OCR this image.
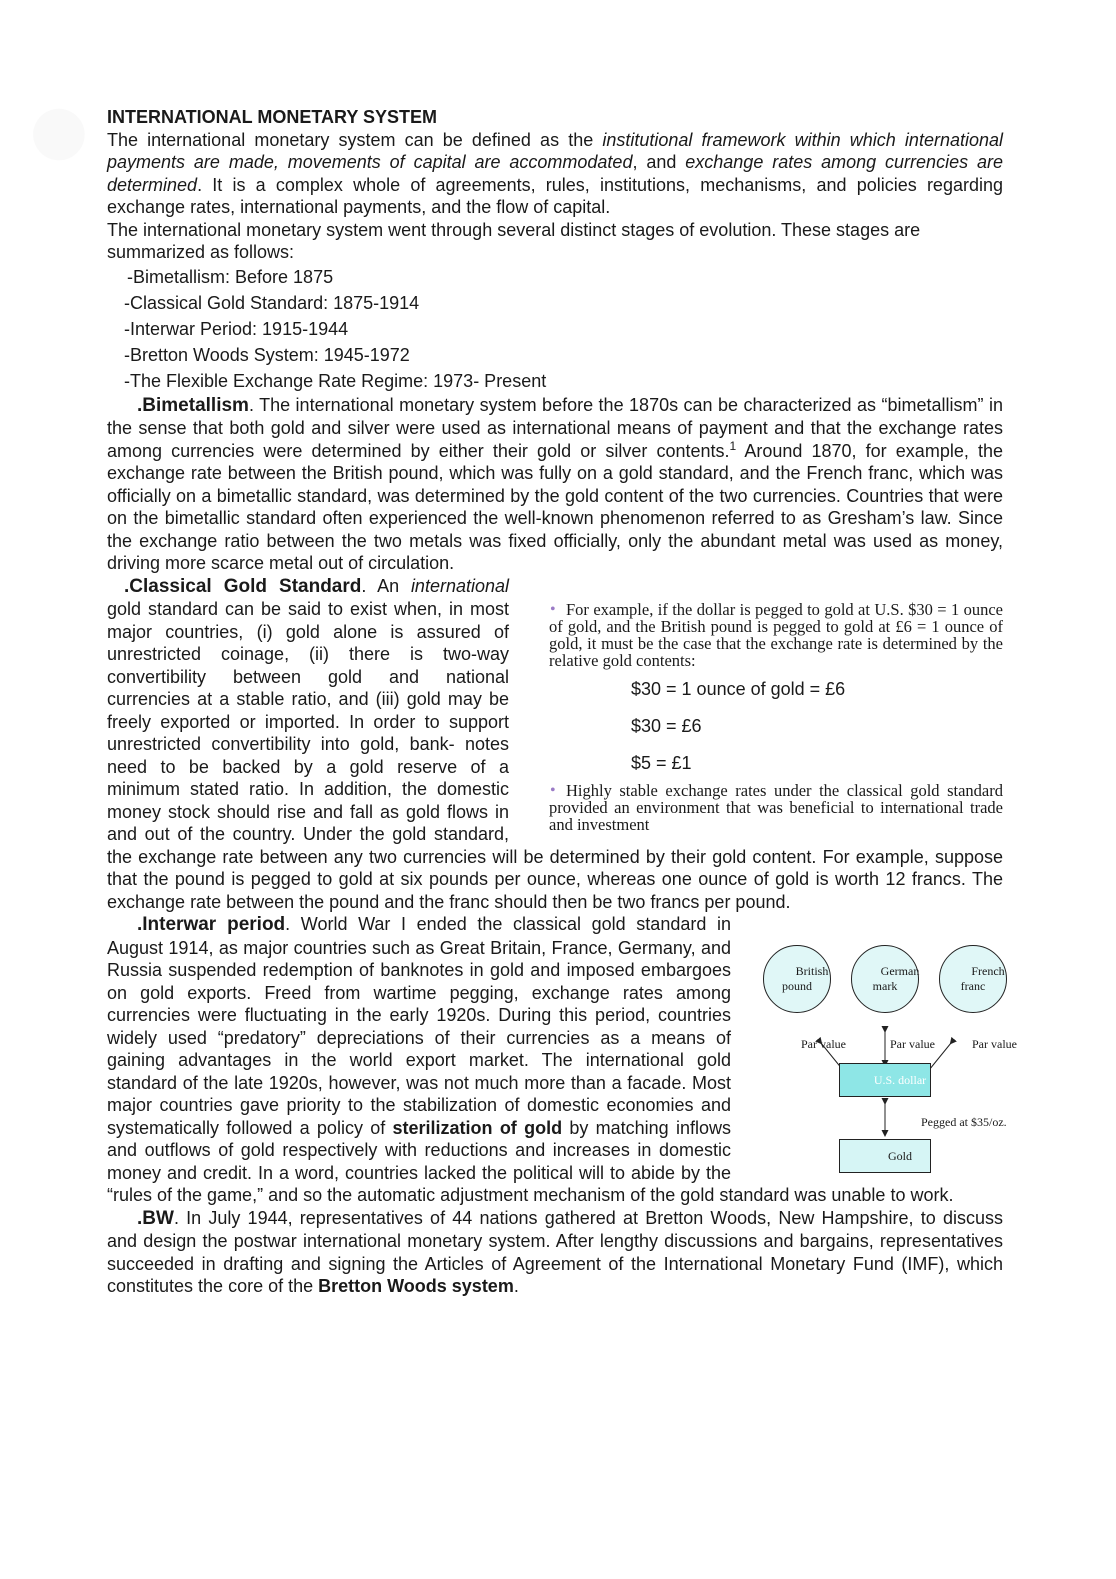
INTERNATIONAL MONETARY SYSTEM

The international monetary system can be defined as the institutional framework within which international payments are made, movements of capital are accommodated, and exchange rates among currencies are determined. It is a complex whole of agreements, rules, institutions, mechanisms, and policies regarding exchange rates, international payments, and the flow of capital.

The international monetary system went through several distinct stages of evolution. These stages are summarized as follows:

-Bimetallism: Before 1875
-Classical Gold Standard: 1875-1914
-Interwar Period: 1915-1944
-Bretton Woods System: 1945-1972
-The Flexible Exchange Rate Regime: 1973- Present

.Bimetallism. The international monetary system before the 1870s can be characterized as “bimetallism” in the sense that both gold and silver were used as international means of payment and that the exchange rates among currencies were determined by either their gold or silver contents.$^1$ Around 1870, for example, the exchange rate between the British pound, which was fully on a gold standard, and the French franc, which was officially on a bimetallic standard, was determined by the gold content of the two currencies. Countries that were on the bimetallic standard often experienced the well-known phenomenon referred to as Gresham’s law. Since the exchange ratio between the two metals was fixed officially, only the abundant metal was used as money, driving more scarce metal out of circulation.

• For example, if the dollar is pegged to gold at U.S. $30 = 1 ounce of gold, and the British pound is pegged to gold at £6 = 1 ounce of gold, it must be the case that the exchange rate is determined by the relative gold contents:
$30 = 1 ounce of gold = £6
$30 = £6
$5 = £1
• Highly stable exchange rates under the classical gold standard provided an environment that was beneficial to international trade and investment
.Classical Gold Standard. An international gold standard can be said to exist when, in most major countries, (i) gold alone is assured of unrestricted coinage, (ii) there is two-way convertibility between gold and national currencies at a stable ratio, and (iii) gold may be freely exported or imported. In order to support unrestricted convertibility into gold, bank- notes need to be backed by a gold reserve of a minimum stated ratio. In addition, the domestic money stock should rise and fall as gold flows in and out of the country. Under the gold standard, the exchange rate between any two currencies will be determined by their gold content. For example, suppose that the pound is pegged to gold at six pounds per ounce, whereas one ounce of gold is worth 12 francs. The exchange rate between the pound and the franc should then be two francs per pound.

British pound
German mark
French franc
Par value	Par value	Par value
U.S. dollar
Pegged at $35/oz.
Gold
.Interwar period. World War I ended the classical gold standard in August 1914, as major countries such as Great Britain, France, Germany, and Russia suspended redemption of banknotes in gold and imposed embargoes on gold exports. Freed from wartime pegging, exchange rates among currencies were fluctuating in the early 1920s. During this period, countries widely used “predatory” depreciations of their currencies as a means of gaining advantages in the world export market. The international gold standard of the late 1920s, however, was not much more than a facade. Most major countries gave priority to the stabilization of domestic economies and systematically followed a policy of sterilization of gold by matching inflows and outflows of gold respectively with reductions and increases in domestic money and credit. In a word, countries lacked the political will to abide by the “rules of the game,” and so the automatic adjustment mechanism of the gold standard was unable to work.

.BW. In July 1944, representatives of 44 nations gathered at Bretton Woods, New Hampshire, to discuss and design the postwar international monetary system. After lengthy discussions and bargains, representatives succeeded in drafting and signing the Articles of Agreement of the International Monetary Fund (IMF), which constitutes the core of the Bretton Woods system.
